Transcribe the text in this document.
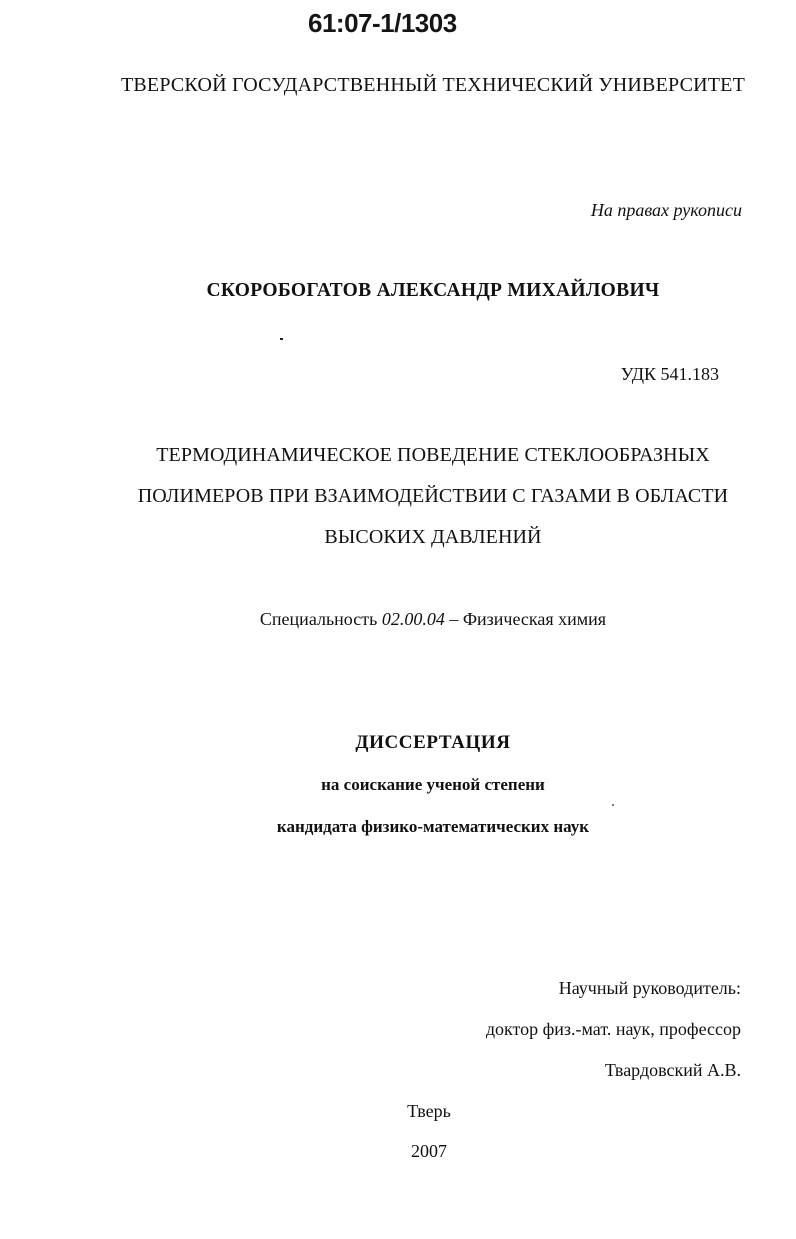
61:07-1/1303
ТВЕРСКОЙ ГОСУДАРСТВЕННЫЙ ТЕХНИЧЕСКИЙ УНИВЕРСИТЕТ
На правах рукописи
СКОРОБОГАТОВ АЛЕКСАНДР МИХАЙЛОВИЧ
УДК 541.183
ТЕРМОДИНАМИЧЕСКОЕ ПОВЕДЕНИЕ СТЕКЛООБРАЗНЫХ
ПОЛИМЕРОВ ПРИ ВЗАИМОДЕЙСТВИИ С ГАЗАМИ В ОБЛАСТИ
ВЫСОКИХ ДАВЛЕНИЙ
Специальность 02.00.04 – Физическая химия
ДИССЕРТАЦИЯ
на соискание ученой степени
кандидата физико-математических наук
Научный руководитель:
доктор физ.-мат. наук, профессор
Твардовский А.В.
Тверь
2007
